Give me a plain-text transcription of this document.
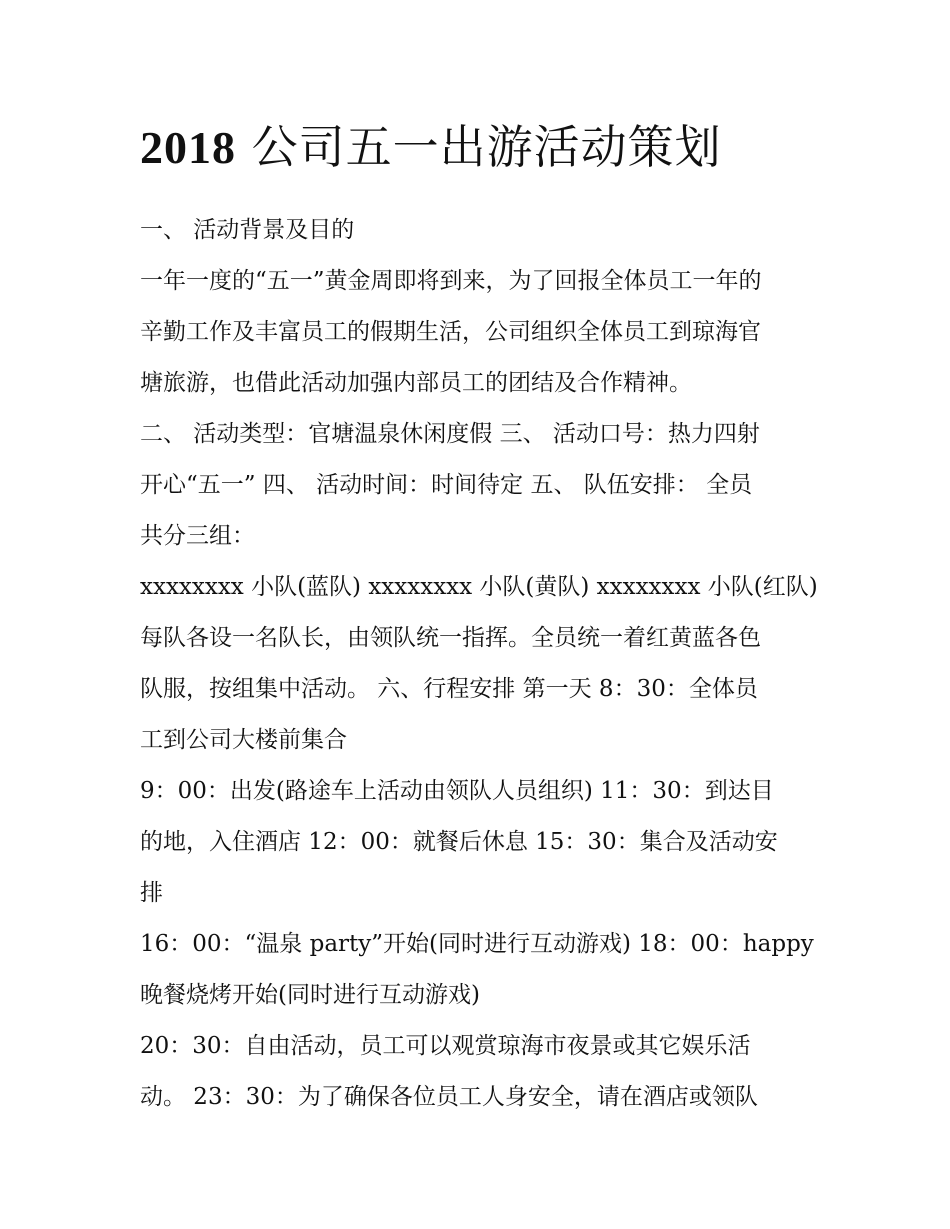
2018 公司五一出游活动策划
一、 活动背景及目的
一年一度的“五一”黄金周即将到来，为了回报全体员工一年的
辛勤工作及丰富员工的假期生活，公司组织全体员工到琼海官
塘旅游，也借此活动加强内部员工的团结及合作精神。
二、 活动类型：官塘温泉休闲度假 三、 活动口号：热力四射
开心“五一” 四、 活动时间：时间待定 五、 队伍安排： 全员
共分三组：
xxxxxxxx 小队(蓝队) xxxxxxxx 小队(黄队) xxxxxxxx 小队(红队)
每队各设一名队长，由领队统一指挥。全员统一着红黄蓝各色
队服，按组集中活动。 六、行程安排 第一天 8：30：全体员
工到公司大楼前集合
9：00：出发(路途车上活动由领队人员组织) 11：30：到达目
的地，入住酒店 12：00：就餐后休息 15：30：集合及活动安
排
16：00：“温泉 party”开始(同时进行互动游戏) 18：00：happy
晚餐烧烤开始(同时进行互动游戏)
20：30：自由活动，员工可以观赏琼海市夜景或其它娱乐活
动。 23：30：为了确保各位员工人身安全，请在酒店或领队
